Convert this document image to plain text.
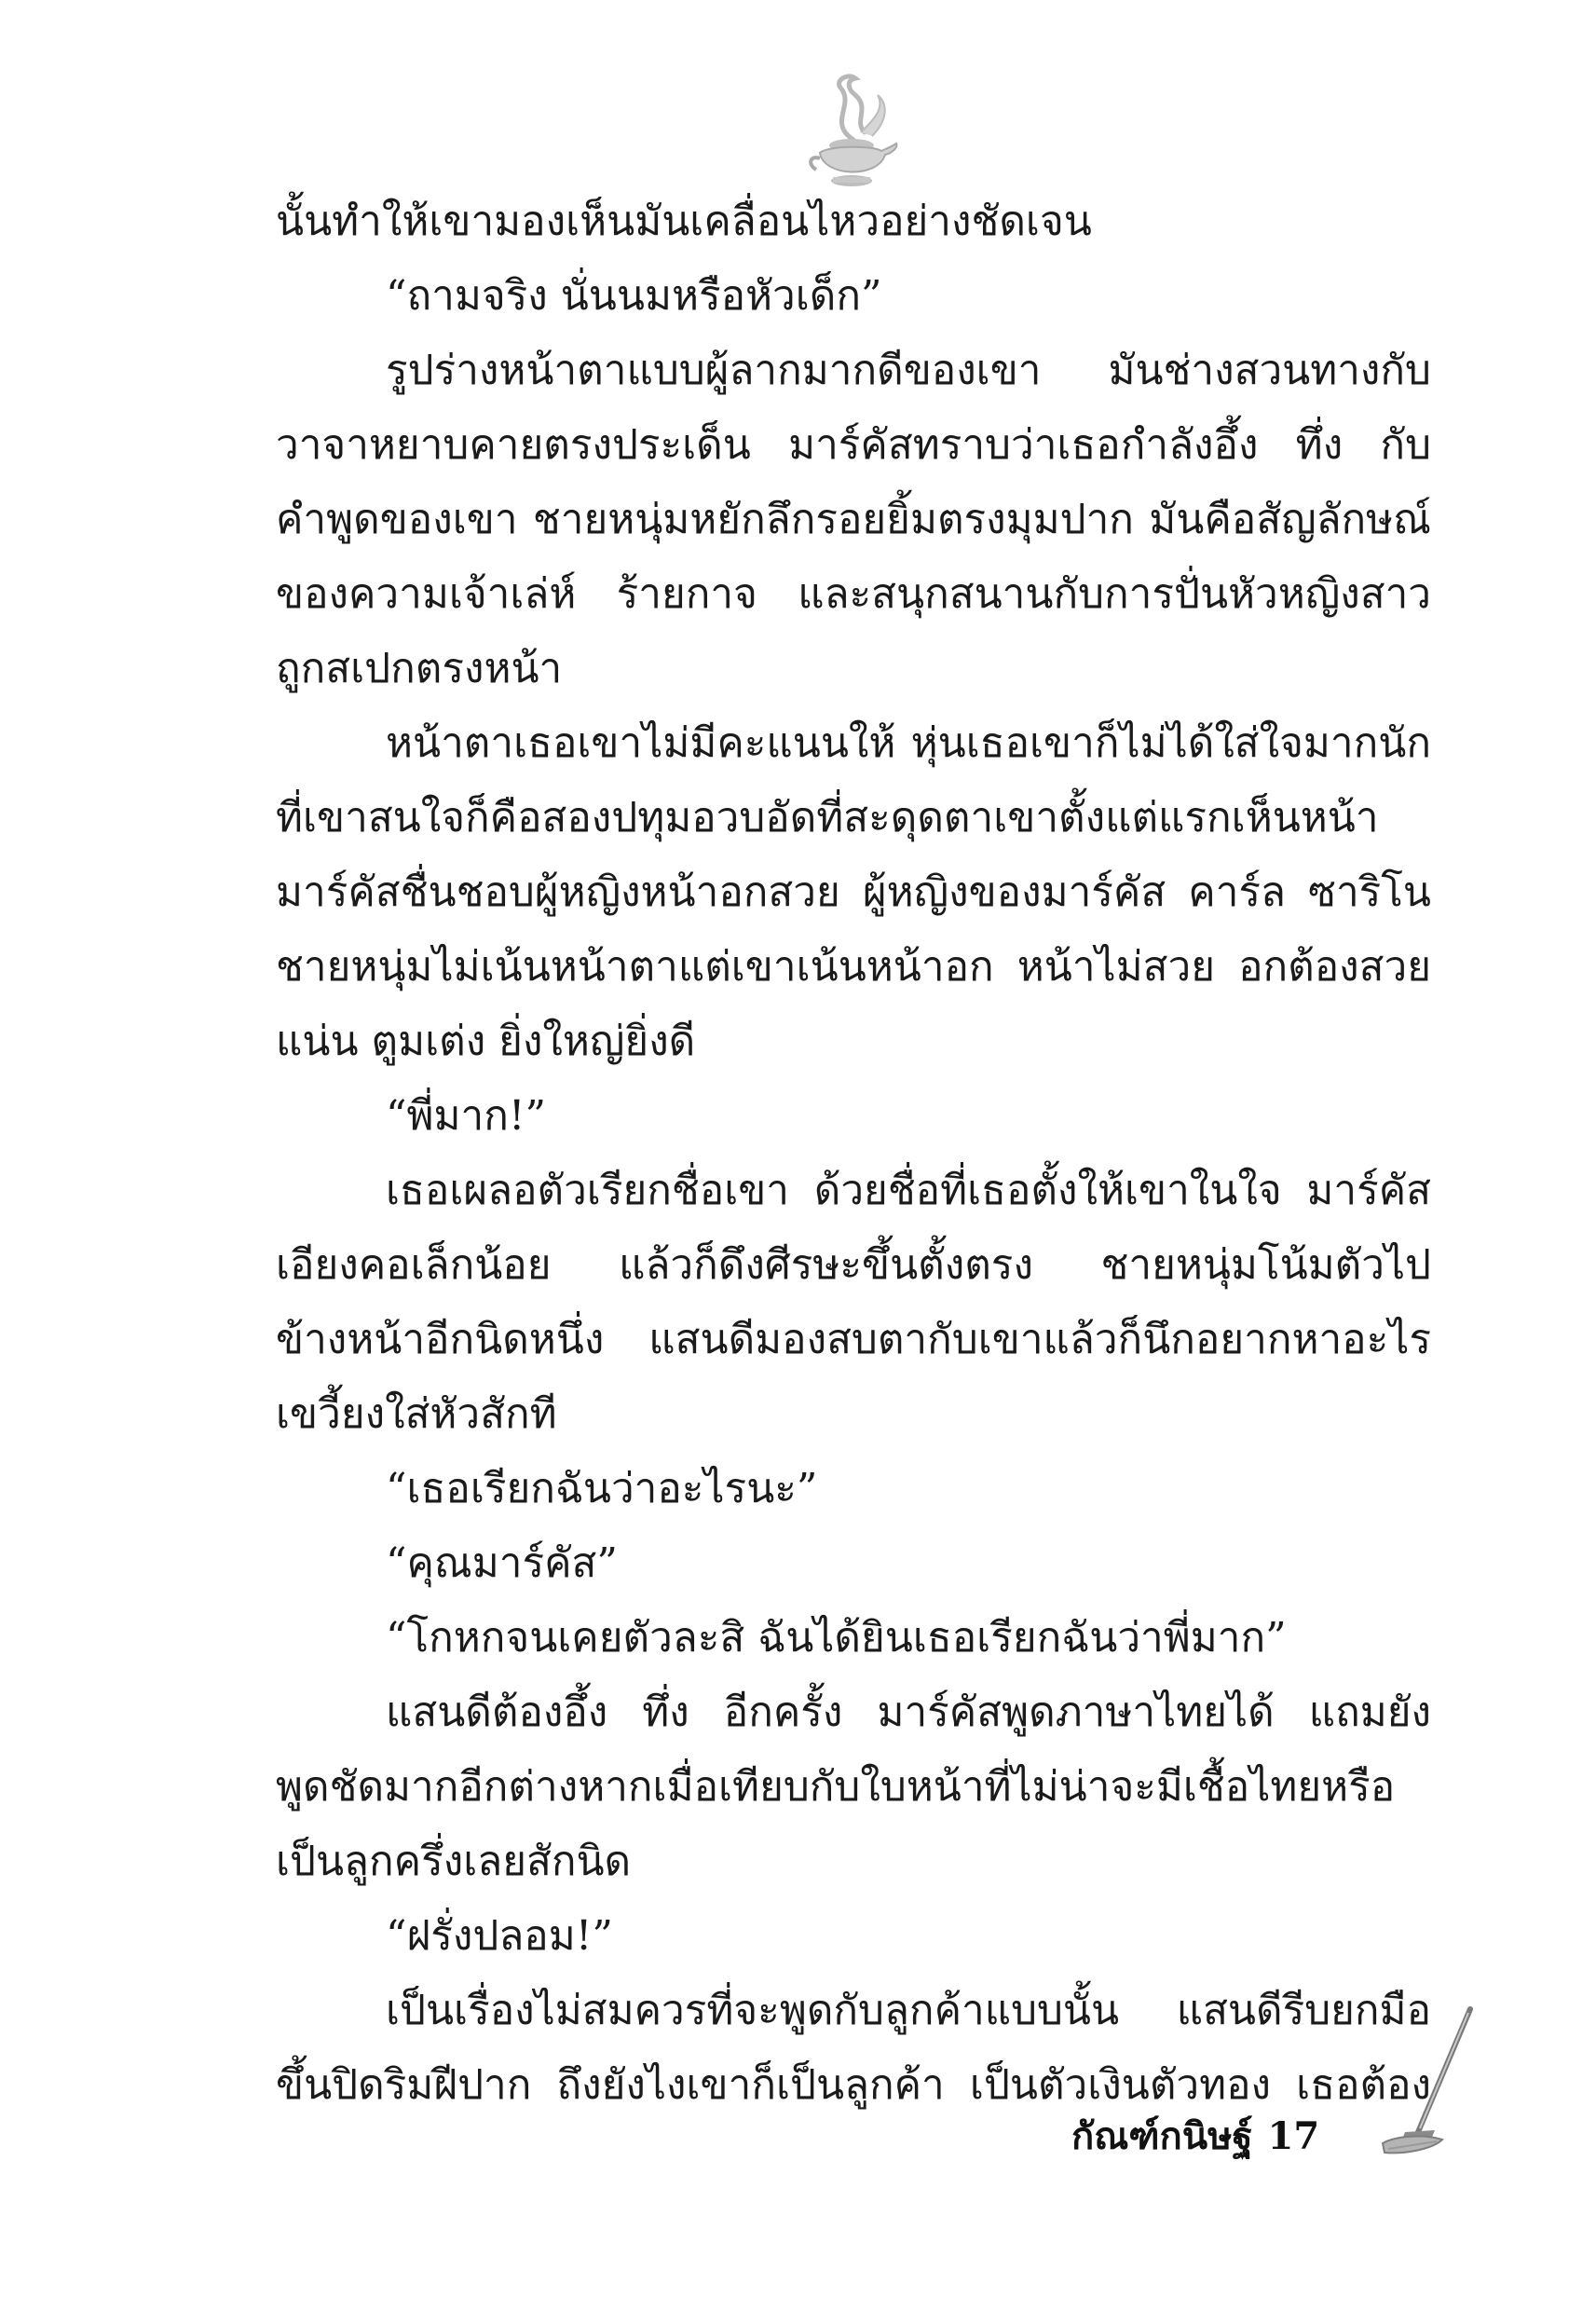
นั้นทำให้เขามองเห็นมันเคลื่อนไหวอย่างชัดเจน
“ถามจริง นั่นนมหรือหัวเด็ก”
รูปร่างหน้าตาแบบผู้ลากมากดีของเขา มันช่างสวนทางกับ
วาจาหยาบคายตรงประเด็น มาร์คัสทราบว่าเธอกำลังอึ้ง ทึ่ง กับ
คำพูดของเขา ชายหนุ่มหยักลึกรอยยิ้มตรงมุมปาก มันคือสัญลักษณ์
ของความเจ้าเล่ห์ ร้ายกาจ และสนุกสนานกับการปั่นหัวหญิงสาว
ถูกสเปกตรงหน้า
หน้าตาเธอเขาไม่มีคะแนนให้ หุ่นเธอเขาก็ไม่ได้ใส่ใจมากนัก
ที่เขาสนใจก็คือสองปทุมอวบอัดที่สะดุดตาเขาตั้งแต่แรกเห็นหน้า
มาร์คัสชื่นชอบผู้หญิงหน้าอกสวย ผู้หญิงของมาร์คัส คาร์ล ซาริโน
ชายหนุ่มไม่เน้นหน้าตาแต่เขาเน้นหน้าอก หน้าไม่สวย อกต้องสวย
แน่น ตูมเต่ง ยิ่งใหญ่ยิ่งดี
“พี่มาก!”
เธอเผลอตัวเรียกชื่อเขา ด้วยชื่อที่เธอตั้งให้เขาในใจ มาร์คัส
เอียงคอเล็กน้อย แล้วก็ดึงศีรษะขึ้นตั้งตรง ชายหนุ่มโน้มตัวไป
ข้างหน้าอีกนิดหนึ่ง แสนดีมองสบตากับเขาแล้วก็นึกอยากหาอะไร
เขวี้ยงใส่หัวสักที
“เธอเรียกฉันว่าอะไรนะ”
“คุณมาร์คัส”
“โกหกจนเคยตัวละสิ ฉันได้ยินเธอเรียกฉันว่าพี่มาก”
แสนดีต้องอึ้ง ทึ่ง อีกครั้ง มาร์คัสพูดภาษาไทยได้ แถมยัง
พูดชัดมากอีกต่างหากเมื่อเทียบกับใบหน้าที่ไม่น่าจะมีเชื้อไทยหรือ
เป็นลูกครึ่งเลยสักนิด
“ฝรั่งปลอม!”
เป็นเรื่องไม่สมควรที่จะพูดกับลูกค้าแบบนั้น แสนดีรีบยกมือ
ขึ้นปิดริมฝีปาก ถึงยังไงเขาก็เป็นลูกค้า เป็นตัวเงินตัวทอง เธอต้อง
กัณฑ์กนิษฐ์ 17
